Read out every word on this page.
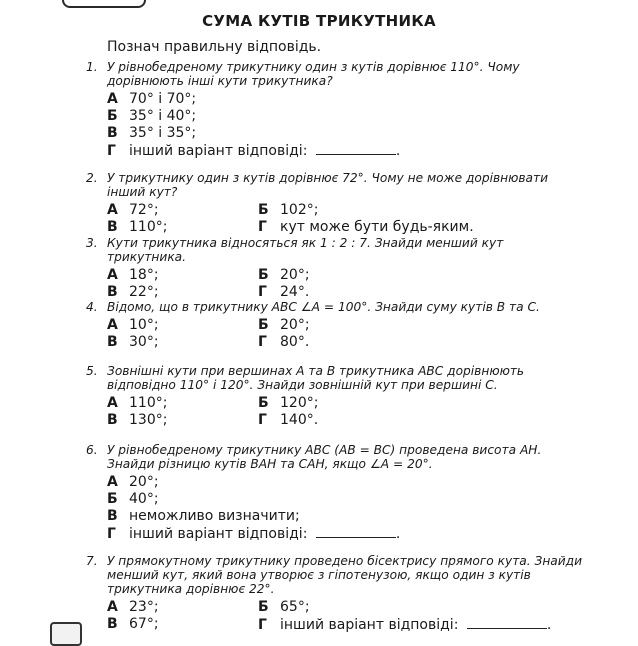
СУМА КУТІВ ТРИКУТНИКА
Познач правильну відповідь.
1. У рівнобедреному трикутнику один з кутів дорівнює 110°. Чому дорівнюють інші кути трикутника?
А 70° і 70°;
Б 35° і 40°;
В 35° і 35°;
Г інший варіант відповіді:	.
2. У трикутнику один з кутів дорівнює 72°. Чому не може дорівнювати інший кут?
А 72°;	Б 102°;
В 110°;	Г кут може бути будь-яким.
3. Кути трикутника відносяться як 1 : 2 : 7. Знайди менший кут трикутника.
А 18°;	Б 20°;
В 22°;	Г 24°.
4. Відомо, що в трикутнику ABC ∠A = 100°. Знайди суму кутів B та C.
А 10°;	Б 20°;
В 30°;	Г 80°.
5. Зовнішні кути при вершинах A та B трикутника ABC дорівнюють відповідно 110° і 120°. Знайди зовнішній кут при вершині C.
А 110°;	Б 120°;
В 130°;	Г 140°.
6. У рівнобедреному трикутнику ABC (AB = BC) проведена висота AH. Знайди різницю кутів BAH та CAH, якщо ∠A = 20°.
А 20°;
Б 40°;
В неможливо визначити;
Г інший варіант відповіді:	.
7. У прямокутному трикутнику проведено бісектрису прямого кута. Знайди менший кут, який вона утворює з гіпотенузою, якщо один з кутів трикутника дорівнює 22°.
А 23°;	Б 65°;
В 67°;	Г інший варіант відповіді:	.
